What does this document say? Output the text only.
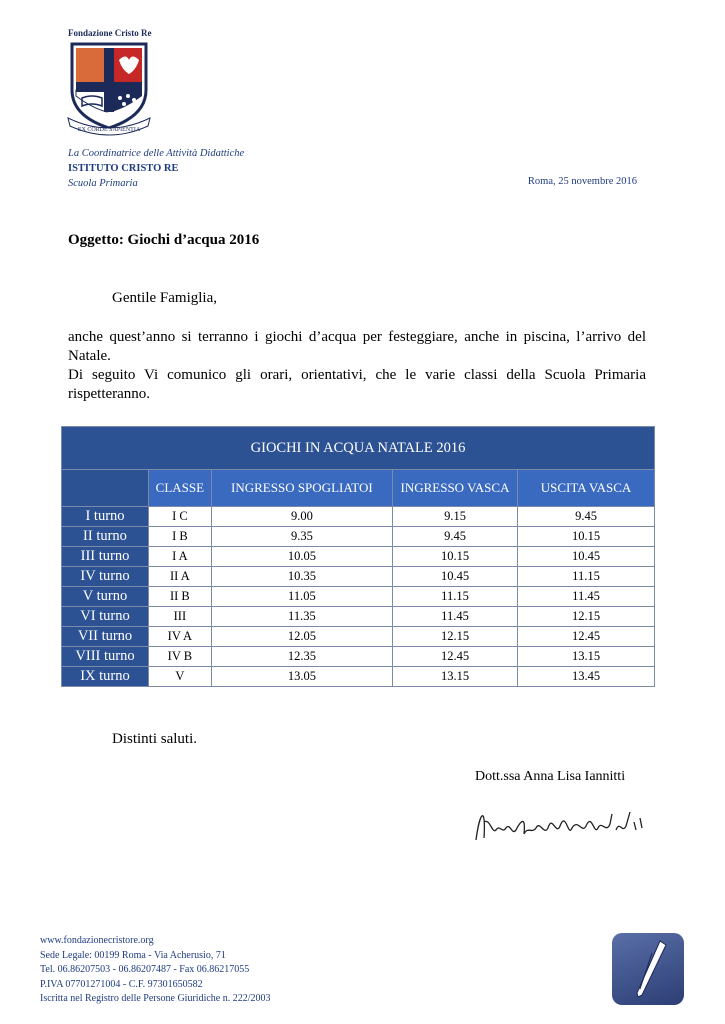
Fondazione Cristo Re
EX CORDE SAPIENTIA
La Coordinatrice delle Attività Didattiche
ISTITUTO CRISTO RE
Scuola Primaria	Roma, 25 novembre 2016
Oggetto: Giochi d’acqua 2016
Gentile Famiglia,

anche quest’anno si terranno i giochi d’acqua per festeggiare, anche in piscina, l’arrivo del Natale.

Di seguito Vi comunico gli orari, orientativi, che le varie classi della Scuola Primaria rispetteranno.

GIOCHI IN ACQUA NATALE 2016				
	CLASSE	INGRESSO SPOGLIATOI	INGRESSO VASCA	USCITA VASCA
I turno	I C	9.00	9.15	9.45
II turno	I B	9.35	9.45	10.15
III turno	I A	10.05	10.15	10.45
IV turno	II A	10.35	10.45	11.15
V turno	II B	11.05	11.15	11.45
VI turno	III	11.35	11.45	12.15
VII turno	IV A	12.05	12.15	12.45
VIII turno	IV B	12.35	12.45	13.15
IX turno	V	13.05	13.15	13.45
Distinti saluti.
Dott.ssa Anna Lisa Iannitti
www.fondazionecristore.org
Sede Legale: 00199 Roma - Via Acherusio, 71
Tel. 06.86207503 - 06.86207487 - Fax 06.86217055
P.IVA 07701271004 - C.F. 97301650582
Iscritta nel Registro delle Persone Giuridiche n. 222/2003
